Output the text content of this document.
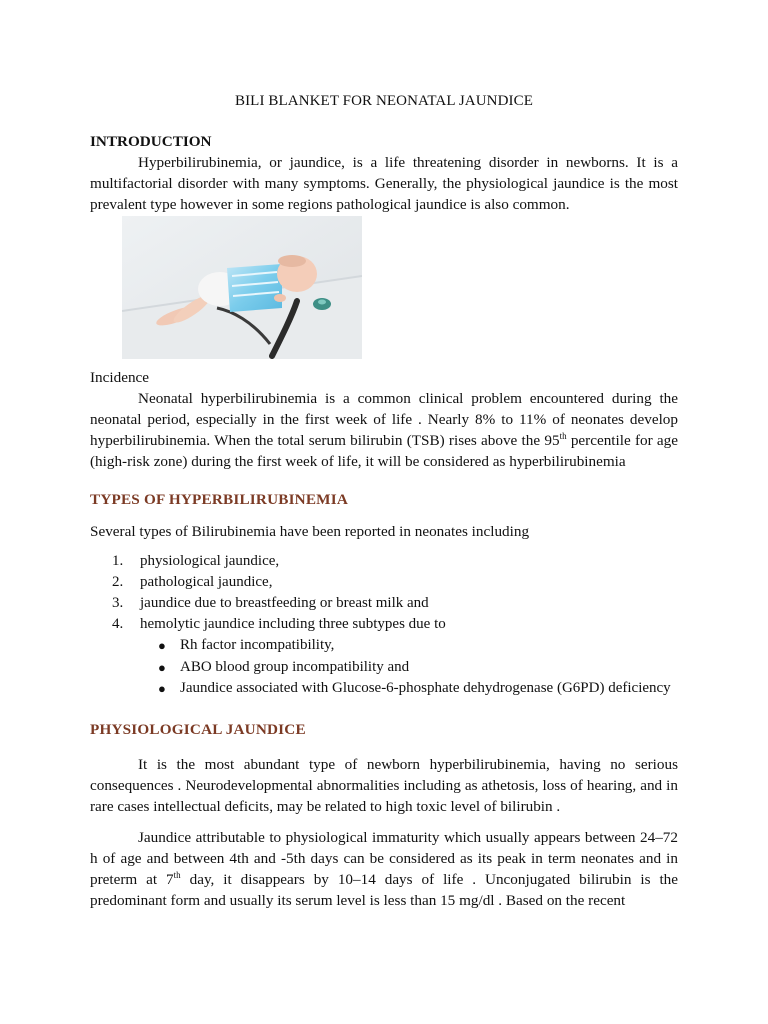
BILI BLANKET FOR NEONATAL JAUNDICE
INTRODUCTION
Hyperbilirubinemia, or jaundice, is a life threatening disorder in newborns. It is a multifactorial disorder with many symptoms. Generally, the physiological jaundice is the most prevalent type however in some regions pathological jaundice is also common.
Incidence
Neonatal hyperbilirubinemia is a common clinical problem encountered during the neonatal period, especially in the first week of life . Nearly 8% to 11% of neonates develop hyperbilirubinemia. When the total serum bilirubin (TSB) rises above the 95th percentile for age (high-risk zone) during the first week of life, it will be considered as hyperbilirubinemia
TYPES OF HYPERBILIRUBINEMIA
Several types of Bilirubinemia have been reported in neonates including
1.	physiological jaundice,
2.	pathological jaundice,
3.	jaundice due to breastfeeding or breast milk and
4.	hemolytic jaundice including three subtypes due to
● Rh factor incompatibility,
● ABO blood group incompatibility and
● Jaundice associated with Glucose-6-phosphate dehydrogenase (G6PD) deficiency
PHYSIOLOGICAL JAUNDICE
It is the most abundant type of newborn hyperbilirubinemia, having no serious consequences . Neurodevelopmental abnormalities including as athetosis, loss of hearing, and in rare cases intellectual deficits, may be related to high toxic level of bilirubin .
Jaundice attributable to physiological immaturity which usually appears between 24–72 h of age and between 4th and -5th days can be considered as its peak in term neonates and in preterm at 7th day, it disappears by 10–14 days of life . Unconjugated bilirubin is the predominant form and usually its serum level is less than 15 mg/dl . Based on the recent
